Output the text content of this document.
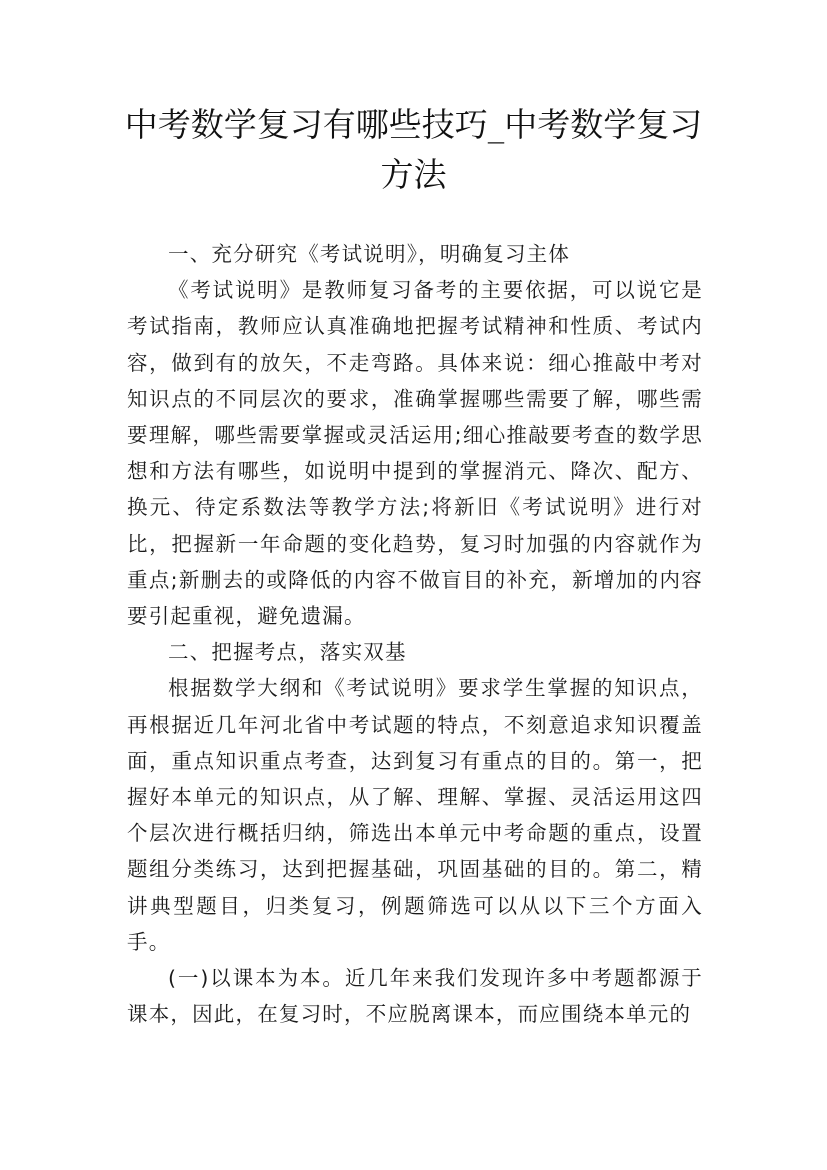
中考数学复习有哪些技巧_中考数学复习方法

一、充分研究《考试说明》，明确复习主体

《考试说明》是教师复习备考的主要依据，可以说它是考试指南，教师应认真准确地把握考试精神和性质、考试内容，做到有的放矢，不走弯路。具体来说：细心推敲中考对知识点的不同层次的要求，准确掌握哪些需要了解，哪些需要理解，哪些需要掌握或灵活运用;细心推敲要考查的数学思想和方法有哪些，如说明中提到的掌握消元、降次、配方、换元、待定系数法等教学方法;将新旧《考试说明》进行对比，把握新一年命题的变化趋势，复习时加强的内容就作为重点;新删去的或降低的内容不做盲目的补充，新增加的内容要引起重视，避免遗漏。

二、把握考点，落实双基

根据数学大纲和《考试说明》要求学生掌握的知识点，再根据近几年河北省中考试题的特点，不刻意追求知识覆盖面，重点知识重点考查，达到复习有重点的目的。第一，把握好本单元的知识点，从了解、理解、掌握、灵活运用这四个层次进行概括归纳，筛选出本单元中考命题的重点，设置题组分类练习，达到把握基础，巩固基础的目的。第二，精讲典型题目，归类复习，例题筛选可以从以下三个方面入手。

(一)以课本为本。近几年来我们发现许多中考题都源于课本，因此，在复习时，不应脱离课本，而应围绕本单元的
